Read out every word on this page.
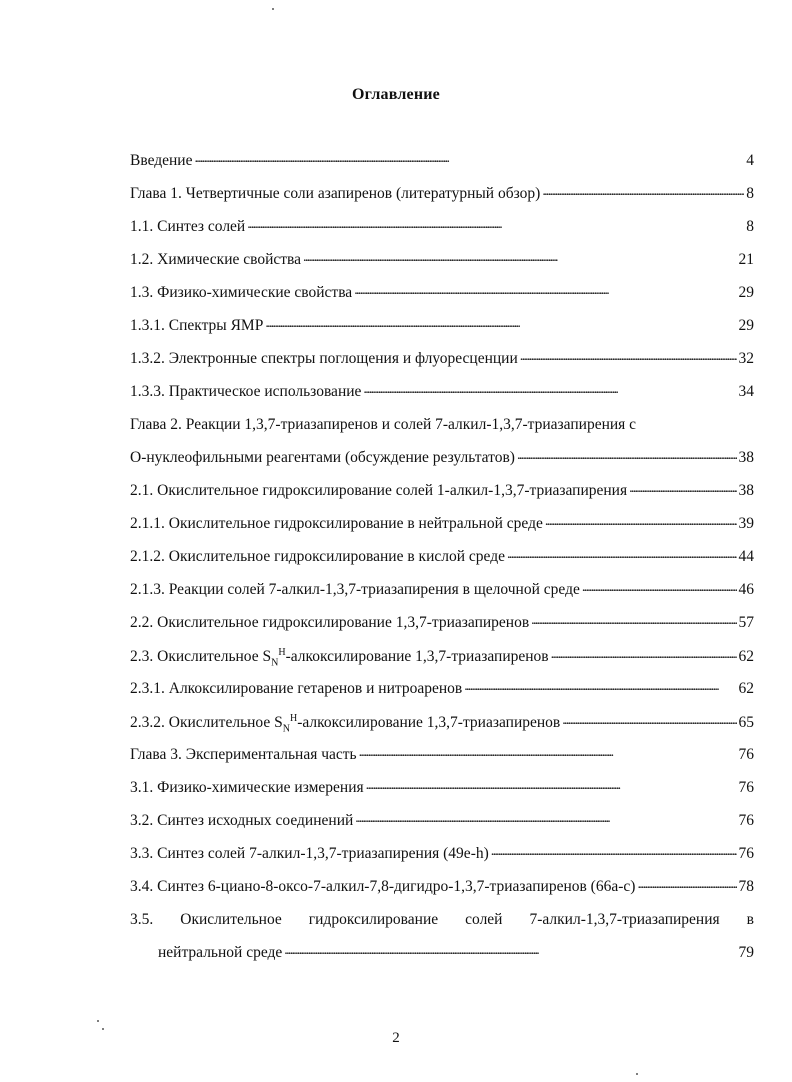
Оглавление
Введение . . .	4
Глава 1. Четвертичные соли азапиренов (литературный обзор) . . .	8
1.1. Синтез солей . . .	8
1.2. Химические свойства . . .	21
1.3. Физико-химические свойства . . .	29
1.3.1. Спектры ЯМР . . .	29
1.3.2. Электронные спектры поглощения и флуоресценции . . .	32
1.3.3. Практическое использование . . .	34
Глава 2. Реакции 1,3,7-триазапиренов и солей 7-алкил-1,3,7-триазапирения с
О-нуклеофильными реагентами (обсуждение результатов) . . .	38
2.1. Окислительное гидроксилирование солей 1-алкил-1,3,7-триазапирения . . .	38
2.1.1. Окислительное гидроксилирование в нейтральной среде . . .	39
2.1.2. Окислительное гидроксилирование в кислой среде . . .	44
2.1.3. Реакции солей 7-алкил-1,3,7-триазапирения в щелочной среде . . .	46
2.2. Окислительное гидроксилирование 1,3,7-триазапиренов . . .	57
2.3. Окислительное $S_N^H$-алкоксилирование 1,3,7-триазапиренов . . .	62
2.3.1. Алкоксилирование гетаренов и нитроаренов . . .	62
2.3.2. Окислительное $S_N^H$-алкоксилирование 1,3,7-триазапиренов . . .	65
Глава 3. Экспериментальная часть . . .	76
3.1. Физико-химические измерения . . .	76
3.2. Синтез исходных соединений . . .	76
3.3. Синтез солей 7-алкил-1,3,7-триазапирения (49e-h) . . .	76
3.4. Синтез 6-циано-8-оксо-7-алкил-7,8-дигидро-1,3,7-триазапиренов (66a-c) . . .	78
3.5. Окислительное гидроксилирование солей 7-алкил-1,3,7-триазапирения в
нейтральной среде . . .	79
2
